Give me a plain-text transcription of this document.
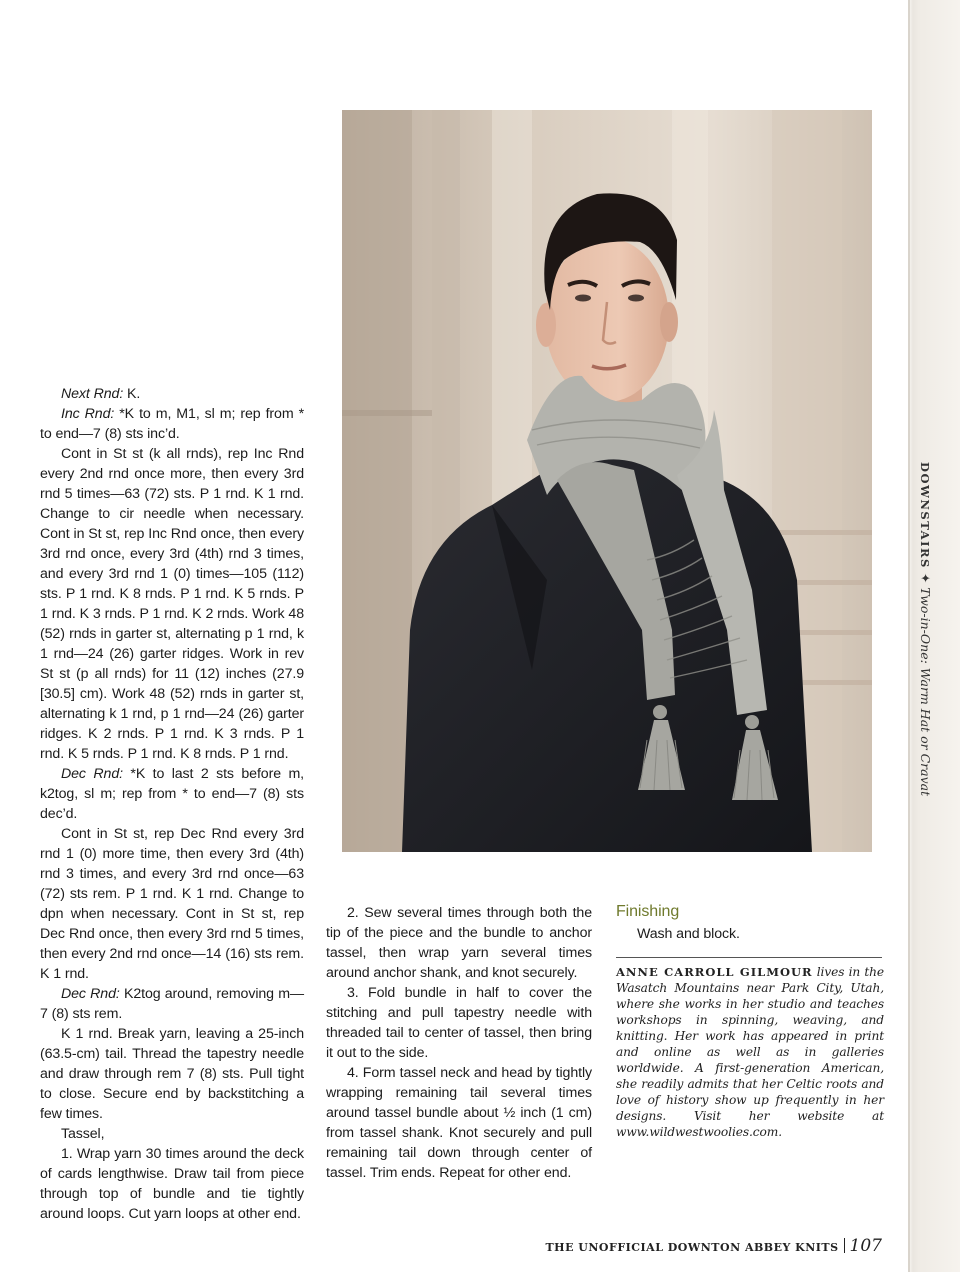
Next Rnd: K.

Inc Rnd: *K to m, M1, sl m; rep from * to end—7 (8) sts inc’d.

Cont in St st (k all rnds), rep Inc Rnd every 2nd rnd once more, then every 3rd rnd 5 times—63 (72) sts. P 1 rnd. K 1 rnd. Change to cir needle when necessary. Cont in St st, rep Inc Rnd once, then every 3rd rnd once, every 3rd (4th) rnd 3 times, and every 3rd rnd 1 (0) times—105 (112) sts. P 1 rnd. K 8 rnds. P 1 rnd. K 5 rnds. P 1 rnd. K 3 rnds. P 1 rnd. K 2 rnds. Work 48 (52) rnds in garter st, alternating p 1 rnd, k 1 rnd—24 (26) garter ridges. Work in rev St st (p all rnds) for 11 (12) inches (27.9 [30.5] cm). Work 48 (52) rnds in garter st, alternating k 1 rnd, p 1 rnd—24 (26) garter ridges. K 2 rnds. P 1 rnd. K 3 rnds. P 1 rnd. K 5 rnds. P 1 rnd. K 8 rnds. P 1 rnd.

Dec Rnd: *K to last 2 sts before m, k2tog, sl m; rep from * to end—7 (8) sts dec’d.

Cont in St st, rep Dec Rnd every 3rd rnd 1 (0) more time, then every 3rd (4th) rnd 3 times, and every 3rd rnd once—63 (72) sts rem. P 1 rnd. K 1 rnd. Change to dpn when necessary. Cont in St st, rep Dec Rnd once, then every 3rd rnd 5 times, then every 2nd rnd once—14 (16) sts rem. K 1 rnd.

Dec Rnd: K2tog around, removing m—7 (8) sts rem.

K 1 rnd. Break yarn, leaving a 25-inch (63.5-cm) tail. Thread the tapestry needle and draw through rem 7 (8) sts. Pull tight to close. Secure end by backstitching a few times.

Tassel,

1. Wrap yarn 30 times around the deck of cards lengthwise. Draw tail from piece through top of bundle and tie tightly around loops. Cut yarn loops at other end.

2. Sew several times through both the tip of the piece and the bundle to anchor tassel, then wrap yarn several times around anchor shank, and knot securely.

3. Fold bundle in half to cover the stitching and pull tapestry needle with threaded tail to center of tassel, then bring it out to the side.

4. Form tassel neck and head by tightly wrapping remaining tail several times around tassel bundle about ½ inch (1 cm) from tassel shank. Knot securely and pull remaining tail down through center of tassel. Trim ends. Repeat for other end.

Finishing

Wash and block.

ANNE CARROLL GILMOUR lives in the Wasatch Mountains near Park City, Utah, where she works in her studio and teaches workshops in spinning, weaving, and knitting. Her work has appeared in print and online as well as in galleries worldwide. A first-generation American, she readily admits that her Celtic roots and love of history show up frequently in her designs. Visit her website at www.wildwestwoolies.com.

DOWNSTAIRS ✦ Two-in-One: Warm Hat or Cravat
THE UNOFFICIAL DOWNTON ABBEY KNITS 107
